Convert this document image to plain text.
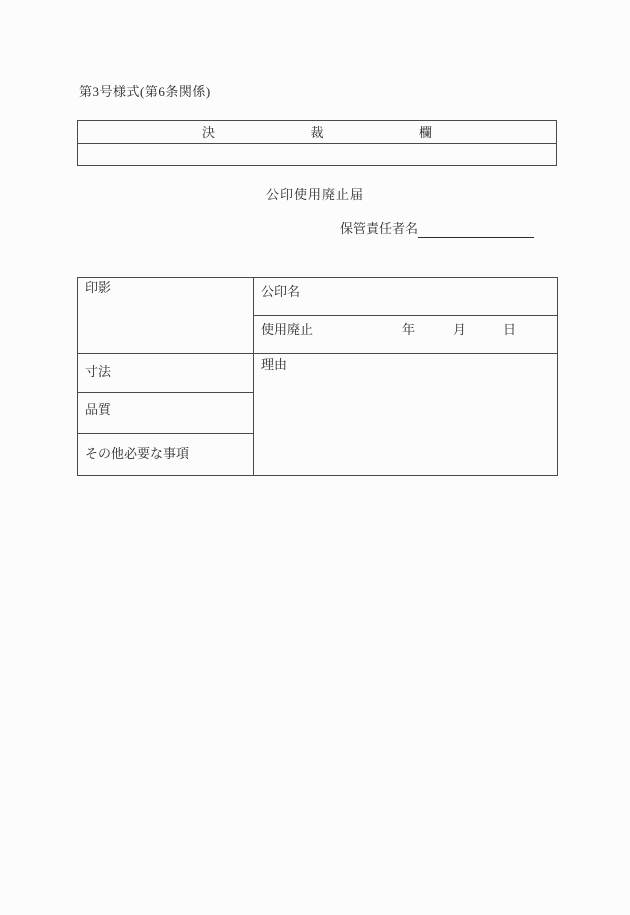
第3号様式(第6条関係)
決	裁	欄

公印使用廃止届
保管責任者名
印影	公印名
	使用廃止 年 月 日

寸法	理由
品質	
その他必要な事項	
